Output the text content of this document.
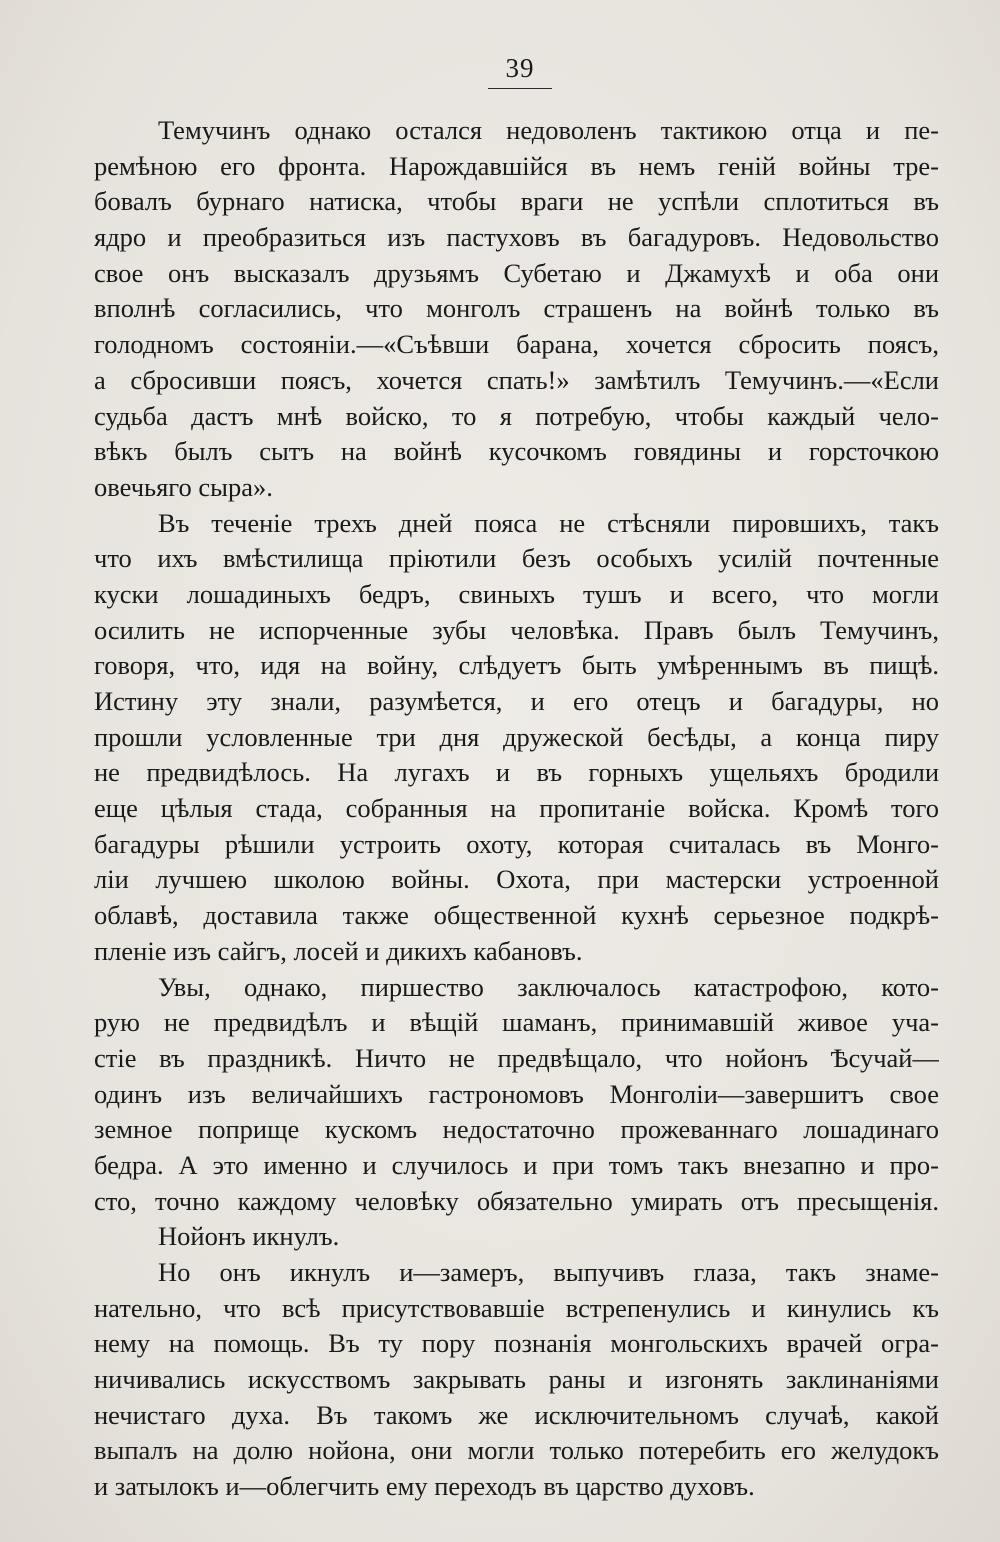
39
Темучинъ однако остался недоволенъ тактикою отца и пе-
ремѣною его фронта. Нарождавшійся въ немъ геній войны тре-
бовалъ бурнаго натиска, чтобы враги не успѣли сплотиться въ
ядро и преобразиться изъ пастуховъ въ багадуровъ. Недовольство
свое онъ высказалъ друзьямъ Субетаю и Джамухѣ и оба они
вполнѣ согласились, что монголъ страшенъ на войнѣ только въ
голодномъ состояніи.—«Съѣвши барана, хочется сбросить поясъ,
а сбросивши поясъ, хочется спать!» замѣтилъ Темучинъ.—«Если
судьба дастъ мнѣ войско, то я потребую, чтобы каждый чело-
вѣкъ былъ сытъ на войнѣ кусочкомъ говядины и горсточкою
овечьяго сыра».
Въ теченіе трехъ дней пояса не стѣсняли пировшихъ, такъ
что ихъ вмѣстилища пріютили безъ особыхъ усилій почтенные
куски лошадиныхъ бедръ, свиныхъ тушъ и всего, что могли
осилить не испорченные зубы человѣка. Правъ былъ Темучинъ,
говоря, что, идя на войну, слѣдуетъ быть умѣреннымъ въ пищѣ.
Истину эту знали, разумѣется, и его отецъ и багадуры, но
прошли условленные три дня дружеской бесѣды, а конца пиру
не предвидѣлось. На лугахъ и въ горныхъ ущельяхъ бродили
еще цѣлыя стада, собранныя на пропитаніе войска. Кромѣ того
багадуры рѣшили устроить охоту, которая считалась въ Монго-
ліи лучшею школою войны. Охота, при мастерски устроенной
облавѣ, доставила также общественной кухнѣ серьезное подкрѣ-
пленіе изъ сайгъ, лосей и дикихъ кабановъ.
Увы, однако, пиршество заключалось катастрофою, кото-
рую не предвидѣлъ и вѣщій шаманъ, принимавшій живое уча-
стіе въ праздникѣ. Ничто не предвѣщало, что нойонъ Ѣсучай—
одинъ изъ величайшихъ гастрономовъ Монголіи—завершитъ свое
земное поприще кускомъ недостаточно прожеваннаго лошадинаго
бедра. А это именно и случилось и при томъ такъ внезапно и про-
сто, точно каждому человѣку обязательно умирать отъ пресыщенія.
Нойонъ икнулъ.
Но онъ икнулъ и—замеръ, выпучивъ глаза, такъ знаме-
нательно, что всѣ присутствовавшіе встрепенулись и кинулись къ
нему на помощь. Въ ту пору познанія монгольскихъ врачей огра-
ничивались искусствомъ закрывать раны и изгонять заклинаніями
нечистаго духа. Въ такомъ же исключительномъ случаѣ, какой
выпалъ на долю нойона, они могли только потеребить его желудокъ
и затылокъ и—облегчить ему переходъ въ царство духовъ.
